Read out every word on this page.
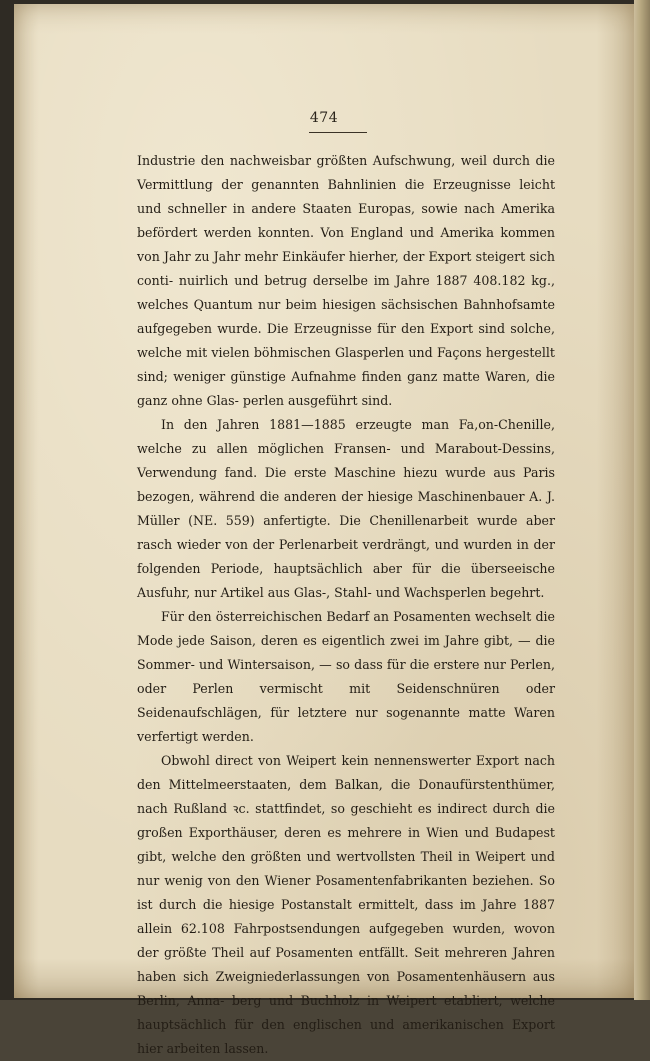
474

Industrie den nachweisbar größten Aufschwung, weil durch die Vermittlung der genannten Bahnlinien die Erzeugnisse leicht und schneller in andere Staaten Europas, sowie nach Amerika befördert werden konnten. Von England und Amerika kommen von Jahr zu Jahr mehr Einkäufer hierher, der Export steigert sich conti- nuirlich und betrug derselbe im Jahre 1887 408.182 kg., welches Quantum nur beim hiesigen sächsischen Bahnhofsamte aufgegeben wurde. Die Erzeugnisse für den Export sind solche, welche mit vielen böhmischen Glasperlen und Façons hergestellt sind; weniger günstige Aufnahme finden ganz matte Waren, die ganz ohne Glas- perlen ausgeführt sind.

In den Jahren 1881—1885 erzeugte man Fa,on-Chenille, welche zu allen möglichen Fransen- und Marabout-Dessins, Verwendung fand. Die erste Maschine hiezu wurde aus Paris bezogen, während die anderen der hiesige Maschinenbauer A. J. Müller (NE. 559) anfertigte. Die Chenillenarbeit wurde aber rasch wieder von der Perlenarbeit verdrängt, und wurden in der folgenden Periode, hauptsächlich aber für die überseeische Ausfuhr, nur Artikel aus Glas-, Stahl- und Wachsperlen begehrt.

Für den österreichischen Bedarf an Posamenten wechselt die Mode jede Saison, deren es eigentlich zwei im Jahre gibt, — die Sommer- und Wintersaison, — so dass für die erstere nur Perlen, oder Perlen vermischt mit Seidenschnüren oder Seidenaufschlägen, für letztere nur sogenannte matte Waren verfertigt werden.

Obwohl direct von Weipert kein nennenswerter Export nach den Mittelmeerstaaten, dem Balkan, die Donaufürstenthümer, nach Rußland ꝛc. stattfindet, so geschieht es indirect durch die großen Exporthäuser, deren es mehrere in Wien und Budapest gibt, welche den größten und wertvollsten Theil in Weipert und nur wenig von den Wiener Posamentenfabrikanten beziehen. So ist durch die hiesige Postanstalt ermittelt, dass im Jahre 1887 allein 62.108 Fahrpostsendungen aufgegeben wurden, wovon der größte Theil auf Posamenten entfällt. Seit mehreren Jahren haben sich Zweigniederlassungen von Posamentenhäusern aus Berlin, Anna- berg und Buchholz in Weipert etabliert, welche hauptsächlich für den englischen und amerikanischen Export hier arbeiten lassen.
